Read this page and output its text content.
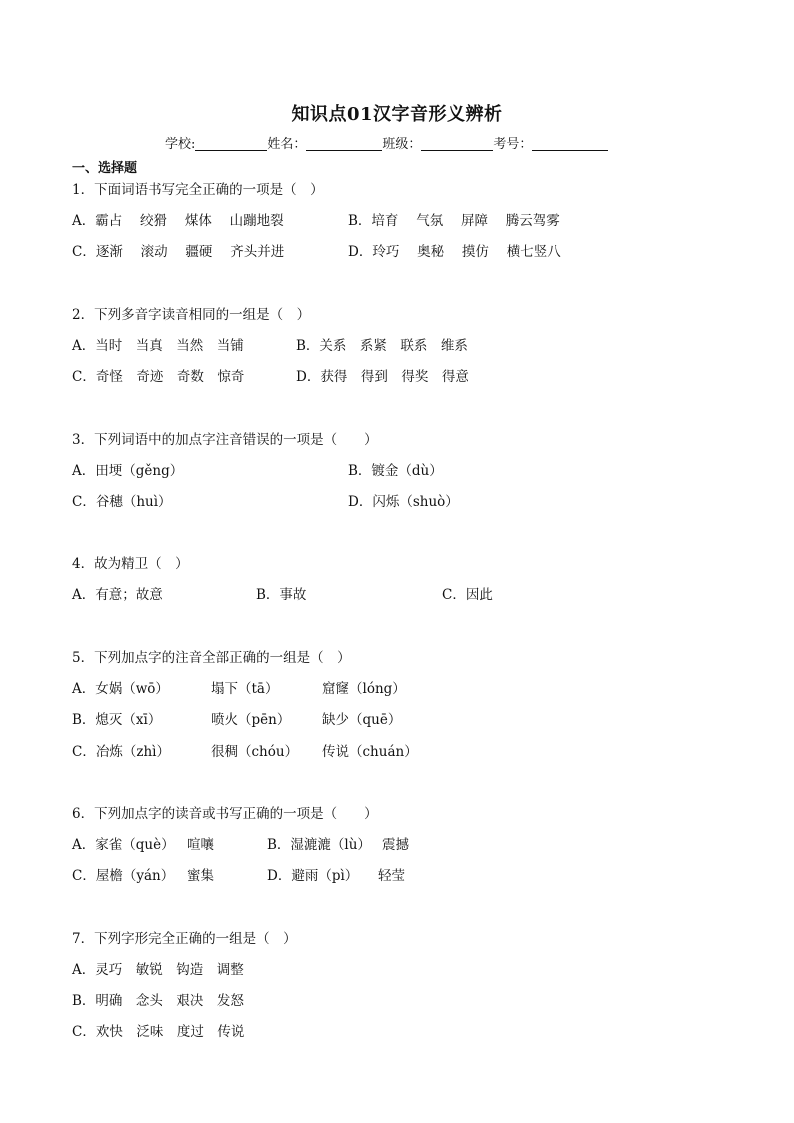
知识点01汉字音形义辨析
学校:	姓名：	班级：	考号：
一、选择题
1．下面词语书写完全正确的一项是（　）
A．霸占　 绞猾　 煤体　 山蹦地裂	B．培育　 气氛　 屏障　 腾云驾雾
C．逐渐　 滚动　 疆硬　 齐头并进	D．玲巧　 奥秘　 摸仿　 横七竖八
2．下列多音字读音相同的一组是（　）
A．当时　当真　当然　当铺	B．关系　系紧　联系　维系
C．奇怪　奇迹　奇数　惊奇	D．获得　得到　得奖　得意
3．下列词语中的加点字注音错误的一项是（　　）
A．田埂（gěng）	B．镀金（dù）
C．谷穗（huì）	D．闪烁（shuò）
4．故为精卫（　）
A．有意；故意	B．事故	C．因此
5．下列加点字的注音全部正确的一组是（　）
A．女娲（wō）	塌下（tā）	窟窿（lóng）
B．熄灭（xī）	喷火（pēn） 缺少（quē）
C．冶炼（zhì）	很稠（chóu） 传说（chuán）
6．下列加点字的读音或书写正确的一项是（　　）
A．家雀（què） 喧嚷	B．湿漉漉（lù） 震撼
C．屋檐（yán） 蜜集	D．避雨（pì） 轻莹
7．下列字形完全正确的一组是（　）
A．灵巧　敏锐　钩造　调整
B．明确　念头　艰决　发怒
C．欢快　泛味　度过　传说
